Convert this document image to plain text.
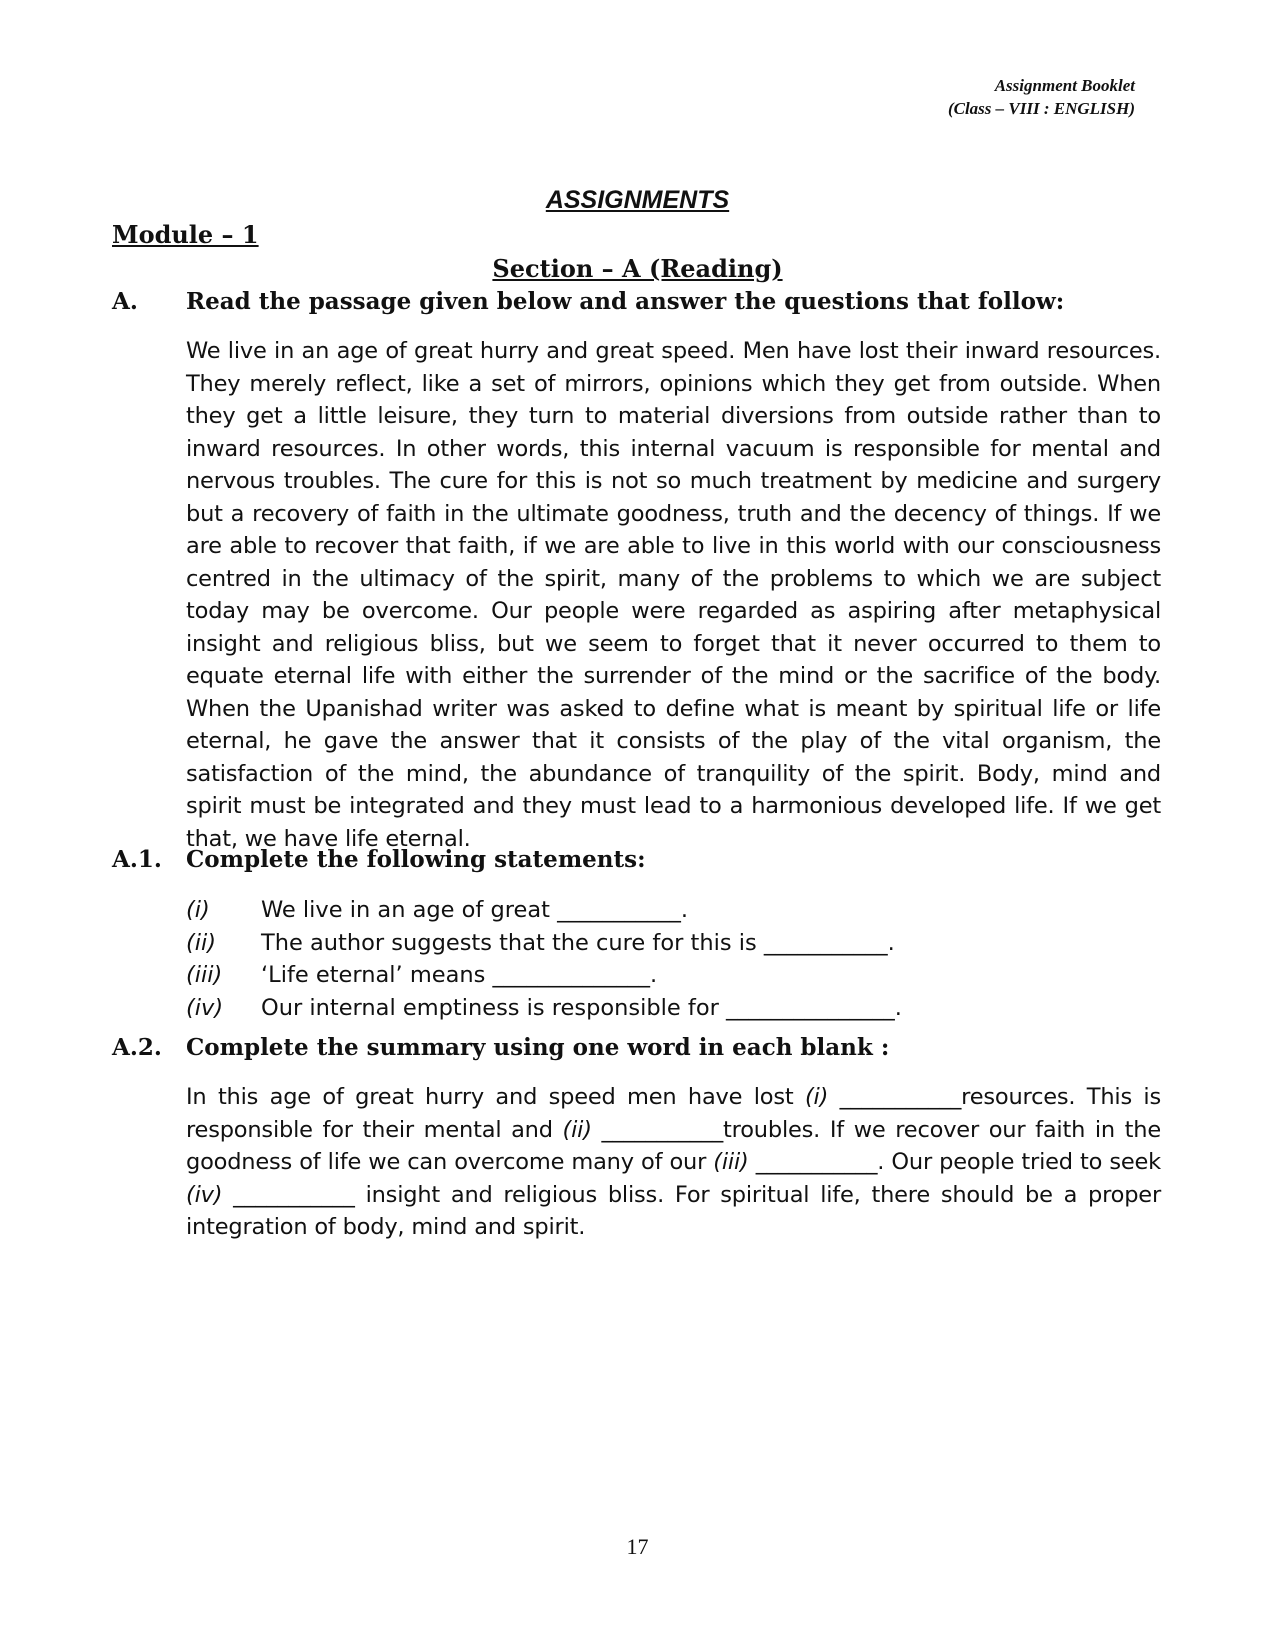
Assignment Booklet
(Class – VIII : ENGLISH)
ASSIGNMENTS
Module – 1
Section – A (Reading)
A. Read the passage given below and answer the questions that follow:
We live in an age of great hurry and great speed. Men have lost their inward resources. They merely reflect, like a set of mirrors, opinions which they get from outside. When they get a little leisure, they turn to material diversions from outside rather than to inward resources. In other words, this internal vacuum is responsible for mental and nervous troubles. The cure for this is not so much treatment by medicine and surgery but a recovery of faith in the ultimate goodness, truth and the decency of things. If we are able to recover that faith, if we are able to live in this world with our consciousness centred in the ultimacy of the spirit, many of the problems to which we are subject today may be overcome. Our people were regarded as aspiring after metaphysical insight and religious bliss, but we seem to forget that it never occurred to them to equate eternal life with either the surrender of the mind or the sacrifice of the body. When the Upanishad writer was asked to define what is meant by spiritual life or life eternal, he gave the answer that it consists of the play of the vital organism, the satisfaction of the mind, the abundance of tranquility of the spirit. Body, mind and spirit must be integrated and they must lead to a harmonious developed life. If we get that, we have life eternal.
A.1. Complete the following statements:
(i)	We live in an age of great ___________.
(ii)	The author suggests that the cure for this is ___________.
(iii)	‘Life eternal’ means ______________.
(iv)	Our internal emptiness is responsible for _______________.
A.2. Complete the summary using one word in each blank :
In this age of great hurry and speed men have lost (i) ___________resources. This is responsible for their mental and (ii) ___________troubles. If we recover our faith in the goodness of life we can overcome many of our (iii) ___________. Our people tried to seek (iv) ___________ insight and religious bliss. For spiritual life, there should be a proper integration of body, mind and spirit.
17
